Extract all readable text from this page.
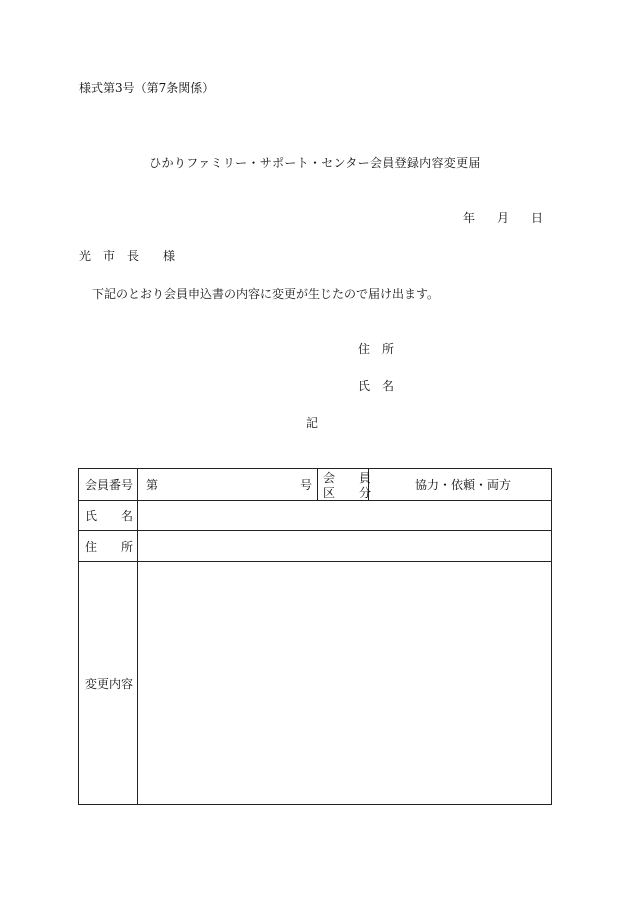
様式第3号（第7条関係）
ひかりファミリー・サポート・センター会員登録内容変更届
年 月 日
光　市　長　　様
下記のとおり会員申込書の内容に変更が生じたので届け出ます。
住　所
氏　名
記
会員番号 第	号 会　　員
区　　分
協力・依頼・両方
氏　　名
住　　所
変更内容
